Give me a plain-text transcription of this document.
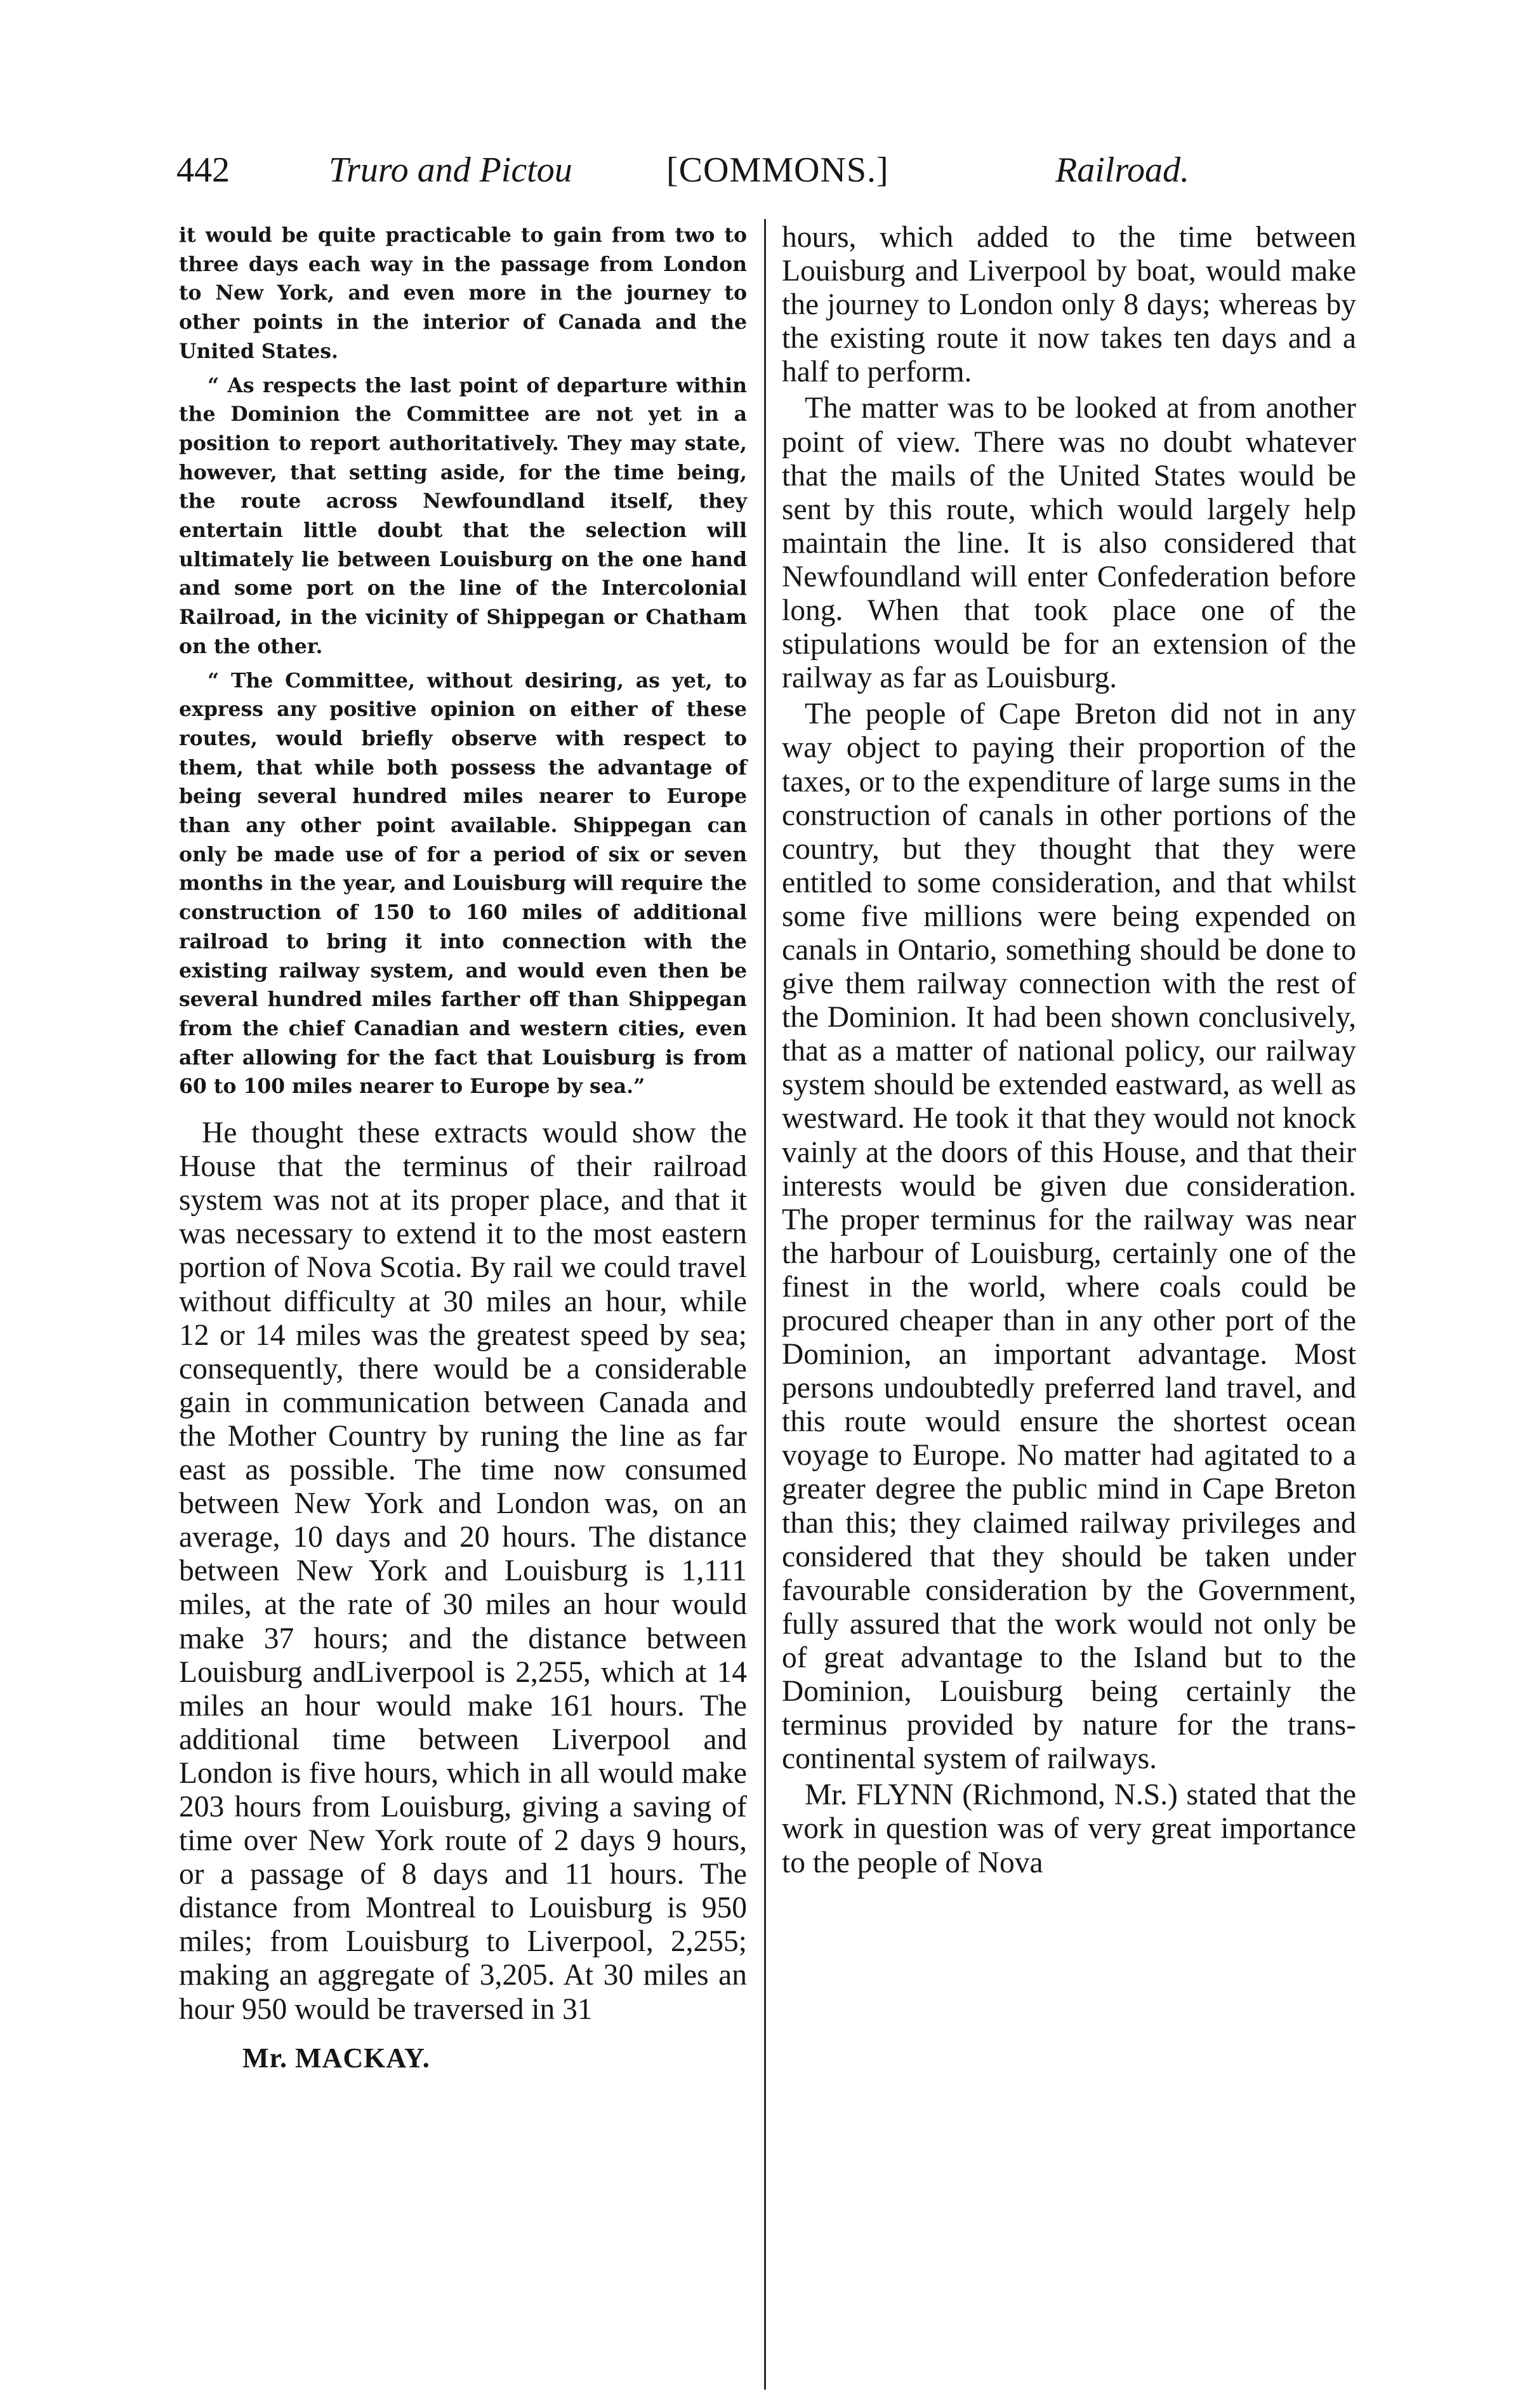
442	Truro and Pictou	[COMMONS.]	Railroad.

it would be quite practicable to gain from two to three days each way in the passage from London to New York, and even more in the journey to other points in the interior of Canada and the United States.

“ As respects the last point of departure within the Dominion the Committee are not yet in a position to report authoritatively. They may state, however, that setting aside, for the time being, the route across Newfoundland itself, they entertain little doubt that the selection will ultimately lie between Louisburg on the one hand and some port on the line of the Intercolonial Railroad, in the vicinity of Shippegan or Chatham on the other.

“ The Committee, without desiring, as yet, to express any positive opinion on either of these routes, would briefly observe with respect to them, that while both possess the advantage of being several hundred miles nearer to Europe than any other point available. Shippegan can only be made use of for a period of six or seven months in the year, and Louisburg will require the construction of 150 to 160 miles of additional railroad to bring it into connection with the existing railway system, and would even then be several hundred miles farther off than Shippegan from the chief Canadian and western cities, even after allowing for the fact that Louisburg is from 60 to 100 miles nearer to Europe by sea.”

He thought these extracts would show the House that the terminus of their railroad system was not at its proper place, and that it was necessary to extend it to the most eastern portion of Nova Scotia. By rail we could travel without difficulty at 30 miles an hour, while 12 or 14 miles was the greatest speed by sea; consequently, there would be a considerable gain in communication between Canada and the Mother Country by runing the line as far east as possible. The time now consumed between New York and London was, on an average, 10 days and 20 hours. The distance between New York and Louisburg is 1,111 miles, at the rate of 30 miles an hour would make 37 hours; and the distance between Louisburg andLiverpool is 2,255, which at 14 miles an hour would make 161 hours. The additional time between Liverpool and London is five hours, which in all would make 203 hours from Louisburg, giving a saving of time over New York route of 2 days 9 hours, or a passage of 8 days and 11 hours. The distance from Montreal to Louisburg is 950 miles; from Louisburg to Liverpool, 2,255; making an aggregate of 3,205. At 30 miles an hour 950 would be traversed in 31

Mr. MACKAY.

hours, which added to the time between Louisburg and Liverpool by boat, would make the journey to London only 8 days; whereas by the existing route it now takes ten days and a half to perform.

The matter was to be looked at from another point of view. There was no doubt whatever that the mails of the United States would be sent by this route, which would largely help maintain the line. It is also considered that Newfoundland will enter Confederation before long. When that took place one of the stipulations would be for an extension of the railway as far as Louisburg.

The people of Cape Breton did not in any way object to paying their proportion of the taxes, or to the expenditure of large sums in the construction of canals in other portions of the country, but they thought that they were entitled to some consideration, and that whilst some five millions were being expended on canals in Ontario, something should be done to give them railway connection with the rest of the Dominion. It had been shown conclusively, that as a matter of national policy, our railway system should be extended eastward, as well as westward. He took it that they would not knock vainly at the doors of this House, and that their interests would be given due consideration. The proper terminus for the railway was near the harbour of Louisburg, certainly one of the finest in the world, where coals could be procured cheaper than in any other port of the Dominion, an important advantage. Most persons undoubtedly preferred land travel, and this route would ensure the shortest ocean voyage to Europe. No matter had agitated to a greater degree the public mind in Cape Breton than this; they claimed railway privileges and considered that they should be taken under favourable consideration by the Government, fully assured that the work would not only be of great advantage to the Island but to the Dominion, Louisburg being certainly the terminus provided by nature for the trans-continental system of railways.

Mr. FLYNN (Richmond, N.S.) stated that the work in question was of very great importance to the people of Nova
